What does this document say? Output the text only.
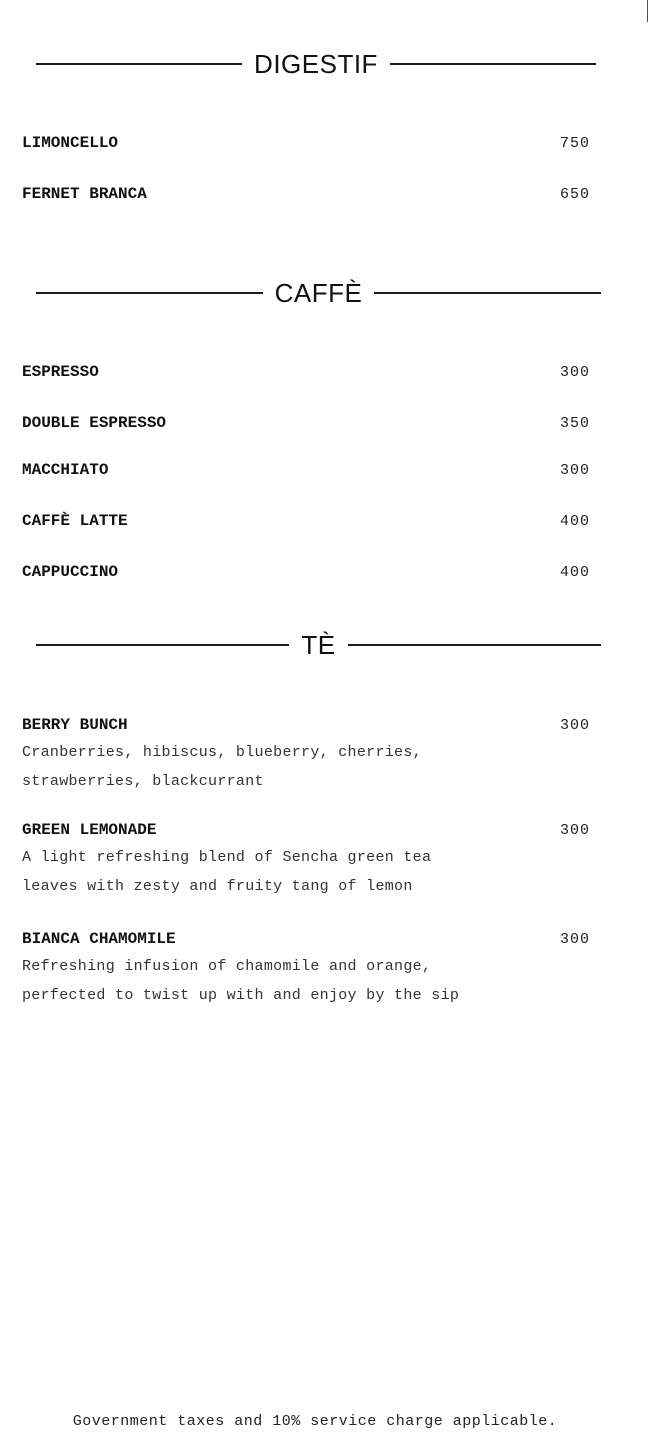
DIGESTIF
LIMONCELLO	750
FERNET BRANCA	650
CAFFÈ
ESPRESSO	300
DOUBLE ESPRESSO	350
MACCHIATO	300
CAFFÈ LATTE	400
CAPPUCCINO	400
TÈ
BERRY BUNCH	300
Cranberries, hibiscus, blueberry, cherries,
strawberries, blackcurrant
GREEN LEMONADE	300
A light refreshing blend of Sencha green tea
leaves with zesty and fruity tang of lemon
BIANCA CHAMOMILE	300
Refreshing infusion of chamomile and orange,
perfected to twist up with and enjoy by the sip
Government taxes and 10% service charge applicable.
